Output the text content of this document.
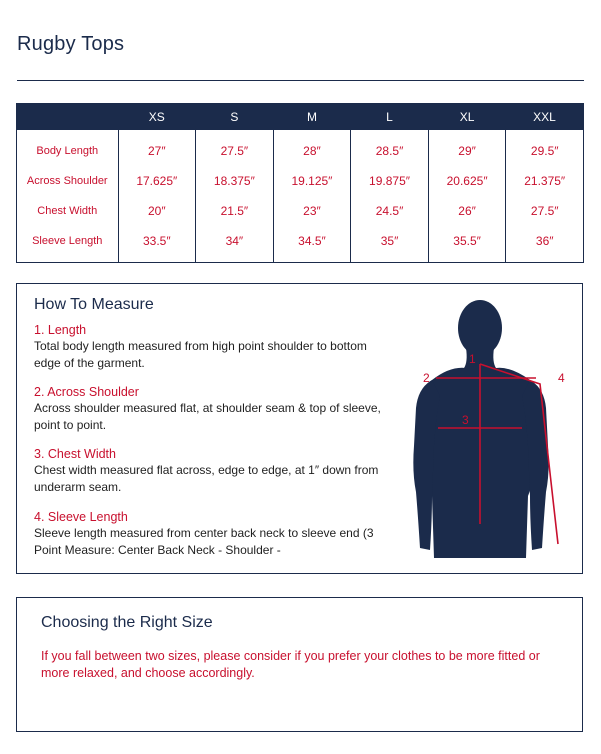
Rugby Tops
	XS	S	M	L	XL	XXL
Body Length	27″	27.5″	28″	28.5″	29″	29.5″
Across Shoulder	17.625″	18.375″	19.125″	19.875″	20.625″	21.375″
Chest Width	20″	21.5″	23″	24.5″	26″	27.5″
Sleeve Length	33.5″	34″	34.5″	35″	35.5″	36″
How To Measure
1. Length
Total body length measured from high point shoulder to bottom edge of the garment.
2. Across Shoulder
Across shoulder measured flat, at shoulder seam & top of sleeve, point to point.
3. Chest Width
Chest width measured flat across, edge to edge, at 1″ down from underarm seam.
4. Sleeve Length
Sleeve length measured from center back neck to sleeve end (3 Point Measure: Center Back Neck - Shoulder -
1
2
3
4
Choosing the Right Size

If you fall between two sizes, please consider if you prefer your clothes to be more fitted or more relaxed, and choose accordingly.
